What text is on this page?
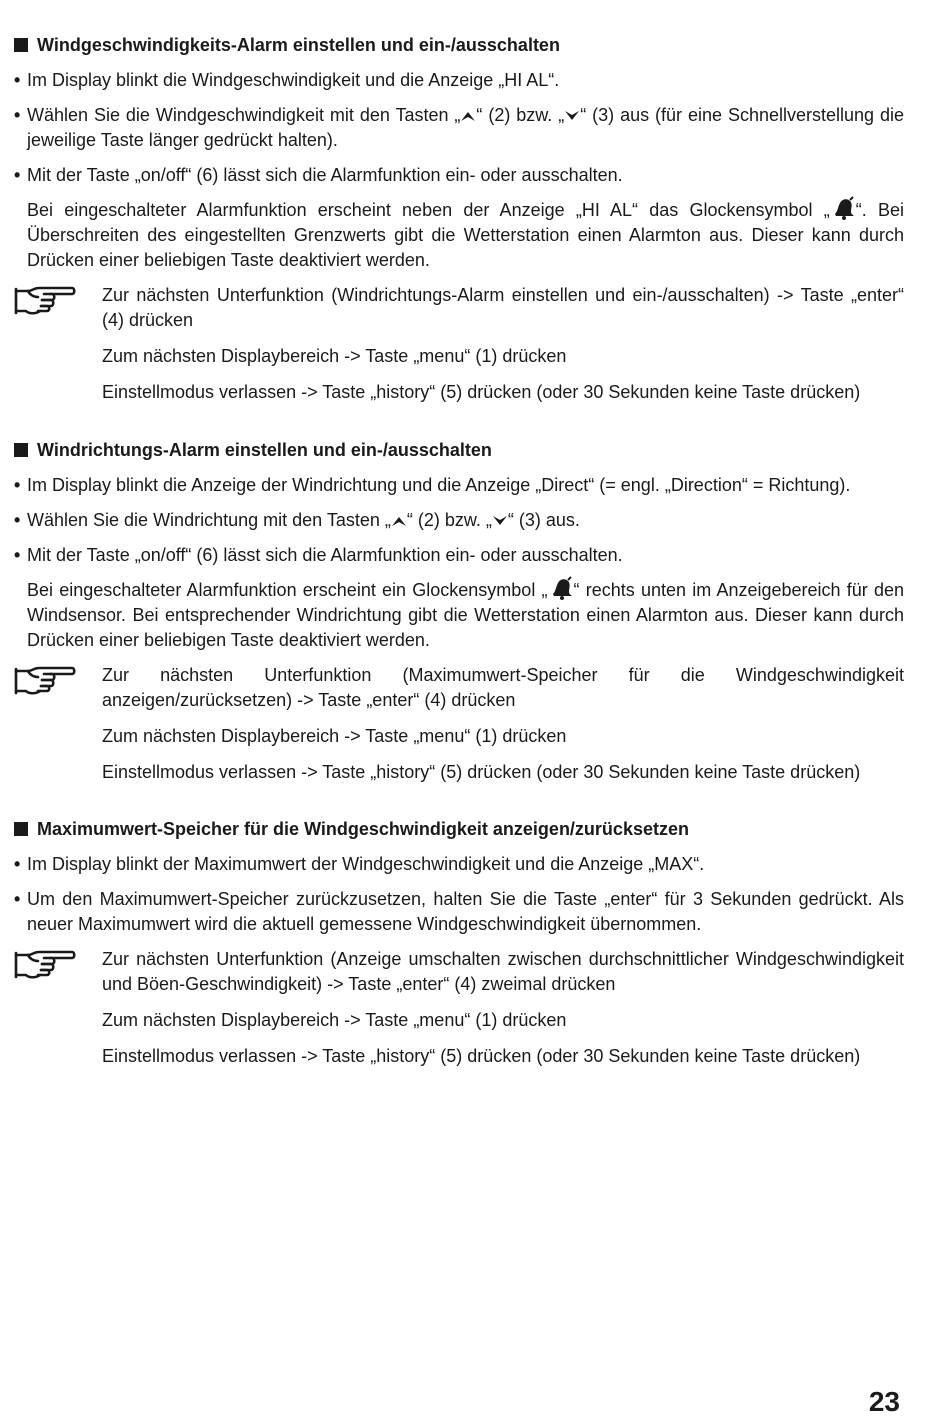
Windgeschwindigkeits-Alarm einstellen und ein-/ausschalten
• Im Display blinkt die Windgeschwindigkeit und die Anzeige „HI AL“.
• Wählen Sie die Windgeschwindigkeit mit den Tasten „ “ (2) bzw. „ “ (3) aus (für eine Schnellverstellung die jeweilige Taste länger gedrückt halten).
• Mit der Taste „on/off“ (6) lässt sich die Alarmfunktion ein- oder ausschalten.
Bei eingeschalteter Alarmfunktion erscheint neben der Anzeige „HI AL“ das Glockensymbol „ “. Bei Überschreiten des eingestellten Grenzwerts gibt die Wetterstation einen Alarmton aus. Dieser kann durch Drücken einer beliebigen Taste deaktiviert werden.
Zur nächsten Unterfunktion (Windrichtungs-Alarm einstellen und ein-/ausschalten) -> Taste „enter“ (4) drücken
Zum nächsten Displaybereich -> Taste „menu“ (1) drücken
Einstellmodus verlassen -> Taste „history“ (5) drücken (oder 30 Sekunden keine Taste drücken)
Windrichtungs-Alarm einstellen und ein-/ausschalten
• Im Display blinkt die Anzeige der Windrichtung und die Anzeige „Direct“ (= engl. „Direction“ = Richtung).
• Wählen Sie die Windrichtung mit den Tasten „ “ (2) bzw. „ “ (3) aus.
• Mit der Taste „on/off“ (6) lässt sich die Alarmfunktion ein- oder ausschalten.
Bei eingeschalteter Alarmfunktion erscheint ein Glockensymbol „ “ rechts unten im Anzeigebereich für den Windsensor. Bei entsprechender Windrichtung gibt die Wetterstation einen Alarmton aus. Dieser kann durch Drücken einer beliebigen Taste deaktiviert werden.
Zur nächsten Unterfunktion (Maximumwert-Speicher für die Windgeschwindigkeit anzeigen/zurücksetzen) -> Taste „enter“ (4) drücken
Zum nächsten Displaybereich -> Taste „menu“ (1) drücken
Einstellmodus verlassen -> Taste „history“ (5) drücken (oder 30 Sekunden keine Taste drücken)
Maximumwert-Speicher für die Windgeschwindigkeit anzeigen/zurücksetzen
• Im Display blinkt der Maximumwert der Windgeschwindigkeit und die Anzeige „MAX“.
• Um den Maximumwert-Speicher zurückzusetzen, halten Sie die Taste „enter“ für 3 Sekunden gedrückt. Als neuer Maximumwert wird die aktuell gemessene Windgeschwindigkeit übernommen.
Zur nächsten Unterfunktion (Anzeige umschalten zwischen durchschnittlicher Windgeschwindigkeit und Böen-Geschwindigkeit) -> Taste „enter“ (4) zweimal drücken
Zum nächsten Displaybereich -> Taste „menu“ (1) drücken
Einstellmodus verlassen -> Taste „history“ (5) drücken (oder 30 Sekunden keine Taste drücken)
23
